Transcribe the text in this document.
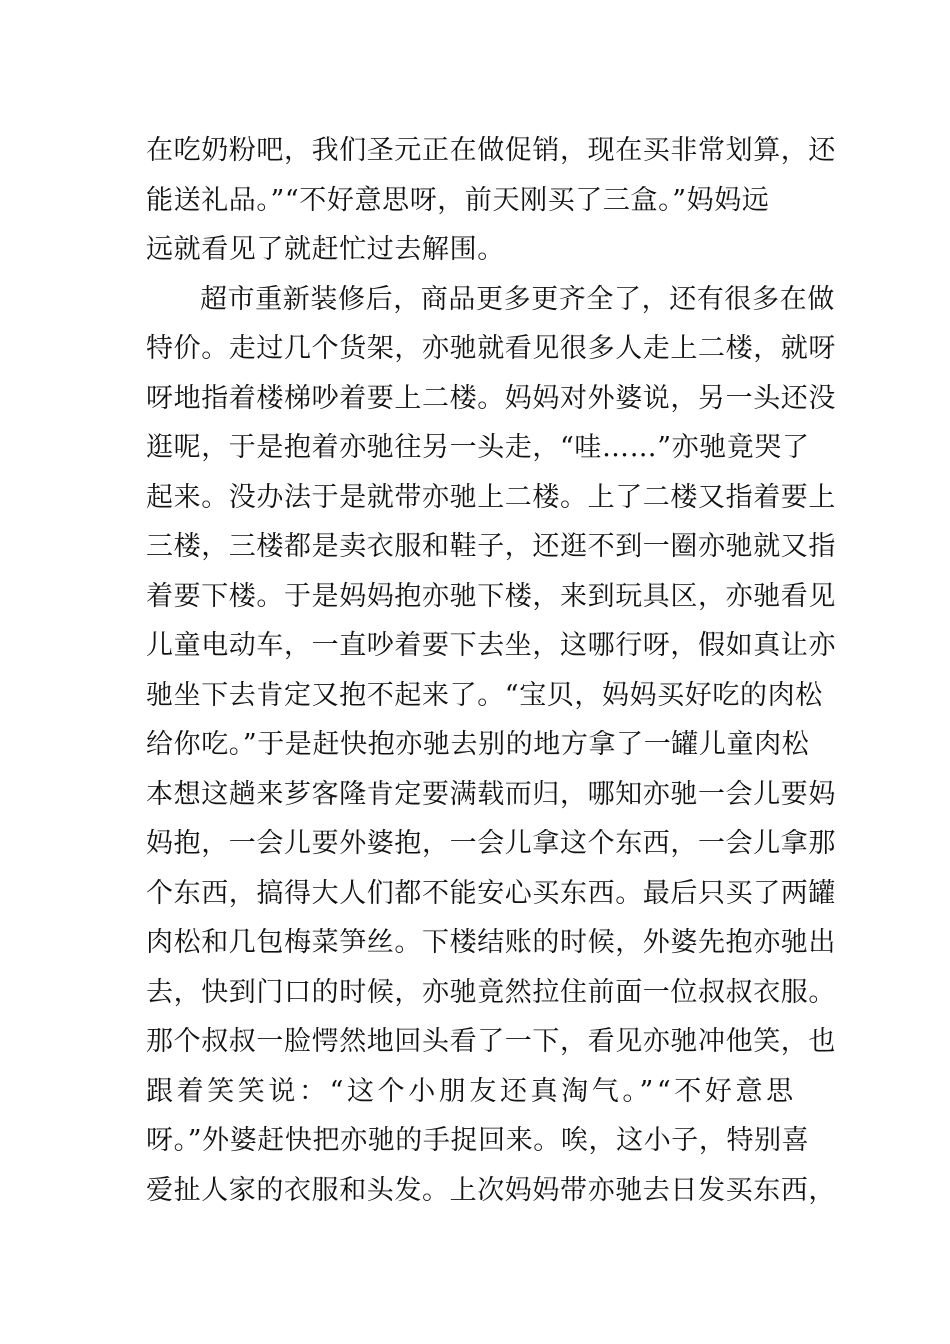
在吃奶粉吧，我们圣元正在做促销，现在买非常划算，还
能送礼品。”“不好意思呀，前天刚买了三盒。”妈妈远
远就看见了就赶忙过去解围。
超市重新装修后，商品更多更齐全了，还有很多在做
特价。走过几个货架，亦驰就看见很多人走上二楼，就呀
呀地指着楼梯吵着要上二楼。妈妈对外婆说，另一头还没
逛呢，于是抱着亦驰往另一头走，“哇……”亦驰竟哭了
起来。没办法于是就带亦驰上二楼。上了二楼又指着要上
三楼，三楼都是卖衣服和鞋子，还逛不到一圈亦驰就又指
着要下楼。于是妈妈抱亦驰下楼，来到玩具区，亦驰看见
儿童电动车，一直吵着要下去坐，这哪行呀，假如真让亦
驰坐下去肯定又抱不起来了。“宝贝，妈妈买好吃的肉松
给你吃。”于是赶快抱亦驰去别的地方拿了一罐儿童肉松
本想这趟来芗客隆肯定要满载而归，哪知亦驰一会儿要妈
妈抱，一会儿要外婆抱，一会儿拿这个东西，一会儿拿那
个东西，搞得大人们都不能安心买东西。最后只买了两罐
肉松和几包梅菜笋丝。下楼结账的时候，外婆先抱亦驰出
去，快到门口的时候，亦驰竟然拉住前面一位叔叔衣服。
那个叔叔一脸愕然地回头看了一下，看见亦驰冲他笑，也
跟着笑笑说：“这个小朋友还真淘气。”“不好意思
呀。”外婆赶快把亦驰的手捉回来。唉，这小子，特别喜
爱扯人家的衣服和头发。上次妈妈带亦驰去日发买东西，
